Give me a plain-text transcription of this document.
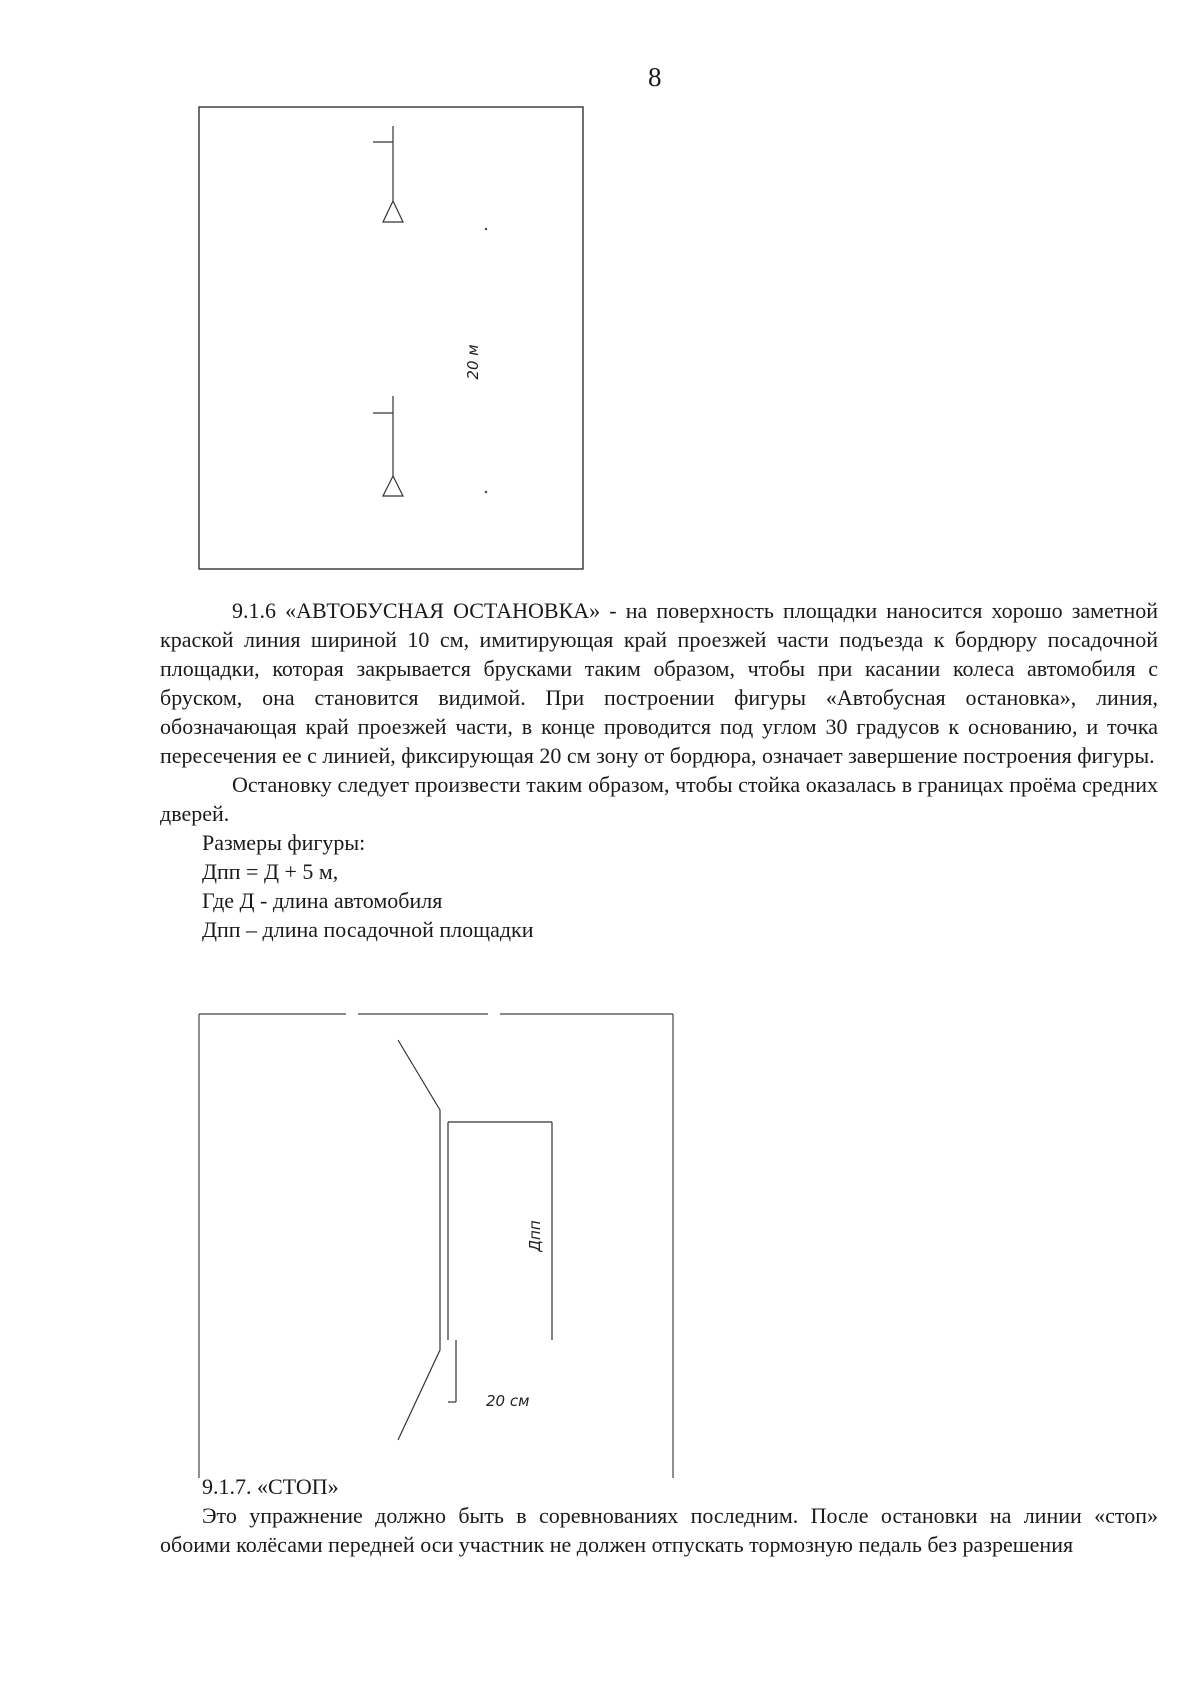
8
20 м

9.1.6 «АВТОБУСНАЯ ОСТАНОВКА» - на поверхность площадки наносится хорошо заметной краской линия шириной 10 см, имитирующая край проезжей части подъезда к бордюру посадочной площадки, которая закрывается брусками таким образом, чтобы при касании колеса автомобиля с бруском, она становится видимой. При построении фигуры «Автобусная остановка», линия, обозначающая край проезжей части, в конце проводится под углом 30 градусов к основанию, и точка пересечения ее с линией, фиксирующая 20 см зону от бордюра, означает завершение построения фигуры.

Остановку следует произвести таким образом, чтобы стойка оказалась в границах проёма средних дверей.

Размеры фигуры:

Дпп = Д + 5 м,

Где Д - длина автомобиля

Дпп – длина посадочной площадки

Дпп
20 см

9.1.7. «СТОП»

Это упражнение должно быть в соревнованиях последним. После остановки на линии «стоп» обоими колёсами передней оси участник не должен отпускать тормозную педаль без разрешения
